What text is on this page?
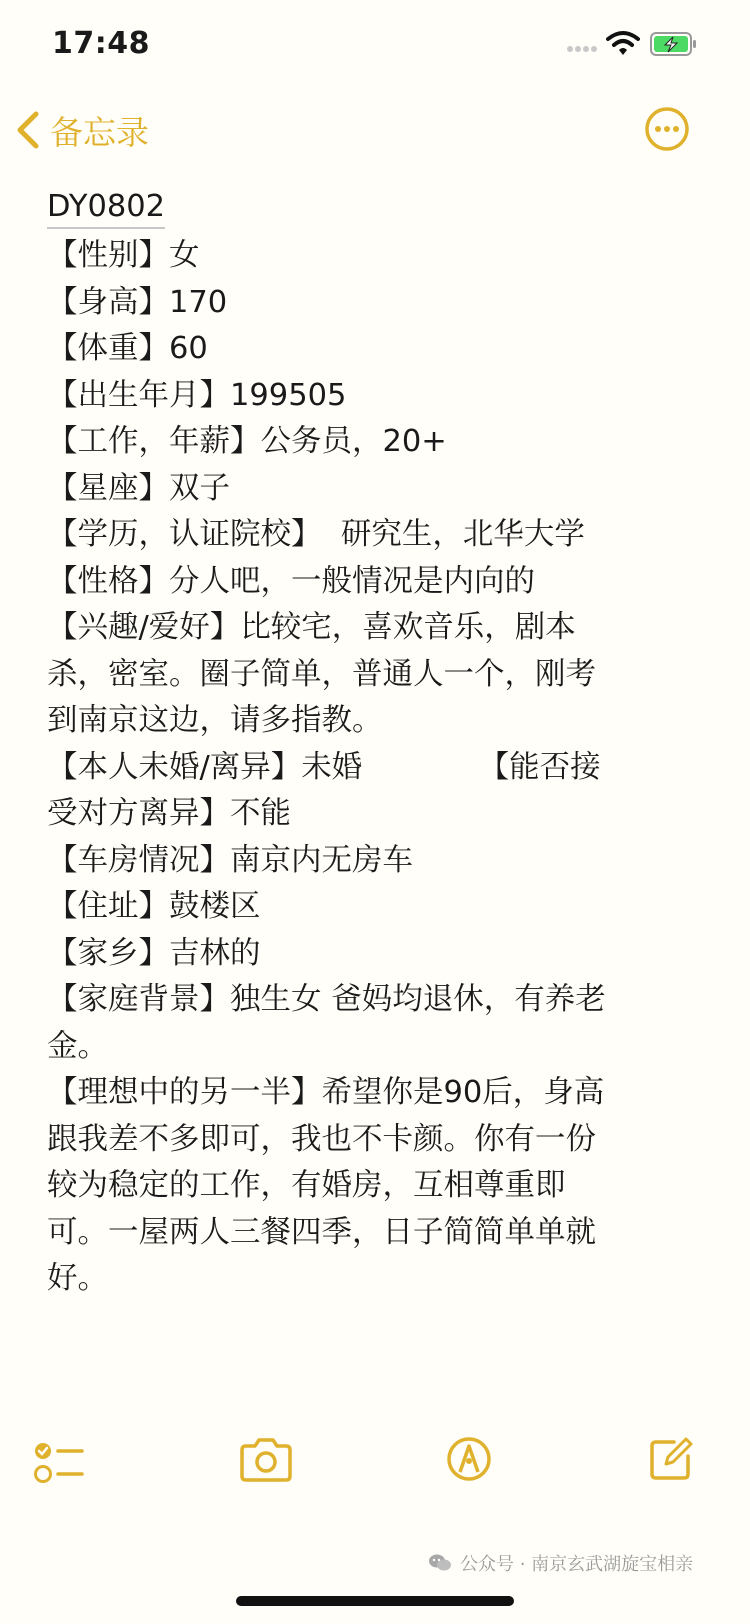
17:48
备忘录
DY0802

【性别】女

【身高】170

【体重】60

【出生年月】199505

【工作，年薪】公务员，20+

【星座】双子

【学历，认证院校】  研究生，北华大学

【性格】分人吧，一般情况是内向的

【兴趣/爱好】比较宅，喜欢音乐，剧本

杀，密室。圈子简单，普通人一个，刚考

到南京这边，请多指教。

【本人未婚/离异】未婚            【能否接

受对方离异】不能

【车房情况】南京内无房车

【住址】鼓楼区

【家乡】吉林的

【家庭背景】独生女 爸妈均退休，有养老

金。

【理想中的另一半】希望你是90后，身高

跟我差不多即可，我也不卡颜。你有一份

较为稳定的工作，有婚房，互相尊重即

可。一屋两人三餐四季，日子简简单单就

好。

公众号 · 南京玄武湖旋宝相亲
